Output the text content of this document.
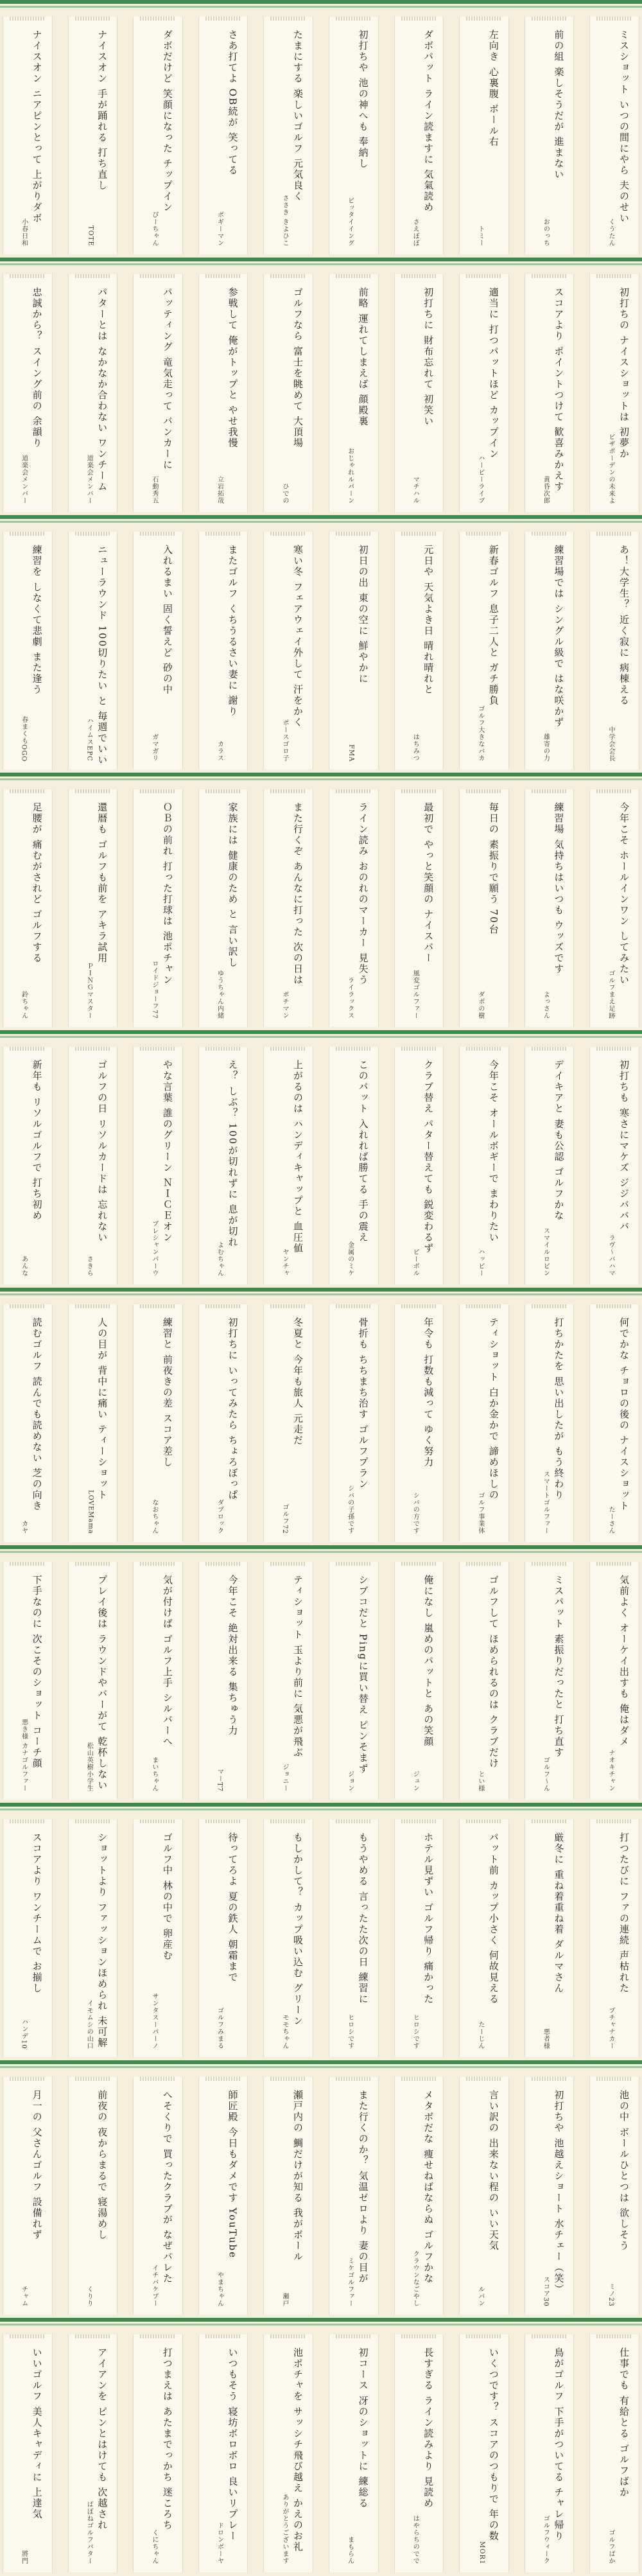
ミスショット いつの間にやら 夫のせい
くうたん
前の組 楽しそうだが 進まない
おのっち
左向き 心裏腹 ボール右
トミー
ダボパット ライン読ますに 気氣読め
さえぼぼ
初打ちや 池の神へも 奉納し
ピッタイイング
たまにする 楽しいゴルフ 元気良く
ささき きよひこ
さあ打てよ OB続が 笑ってる
ボギーマン
ダボだけど 笑顔になった チップイン
ぴーちゃん
ナイスオン 手が踊れる 打ち直し
TOTE
ナイスオン ニアピンとって 上がりダボ
小春日和
初打ちの ナイスショットは 初夢か
ピザボーデンの未来よ
スコアより ポイントつけて 歓喜みかえす
黄昏次郎
適当に 打つパットほど カップイン
ハーピーライブ
初打ちに 財布忘れて 初笑い
マチハル
前略 運れてしまえば 顔殿裏
おじゃれルパーン
ゴルフなら 富士を眺めて 大頂場
ひでの
参戦して 俺がトップと やせ我慢
立岩拓哉
パッティング 竜気走って バンカーに
石動秀五
パターとは なかなか合わない ワンチーム
道楽会メンバー
忠誠から？ スイング前の 余韻り
道楽会メンバー
あ！大学生？ 近く寂に 病棟える
中学会会長
練習場では シングル級で はな咲かず
雄寄の力
新春ゴルフ 息子二人と ガチ勝負
ゴルフ大きなバカ
元日や 天気よき日 晴れ晴れと
はちみつ
初日の出 東の空に 鮮やかに
FMA
寒い冬 フェアウェイ外して 汗をかく
ポースゴロ子
またゴルフ くちうるさい妻に 謝り
カラス
入れるまい 固く誓えど 砂の中
ガマガリ
ニューラウンド 100切りたい と 毎週でいい
ハイムスEPC
練習を しなくて悲劇 また逢う
春まくもOGO
今年こそ ホールインワン してみたい
ゴルフまえ足跡
練習場 気持ちはいつも ウッズです
よっさん
毎日の 素振りで願う 70台
ダボの樹
最初で やっと笑顔の ナイスパー
風変ゴルファー
ライン読み おのれのマーカー 見失う
ライラックス
また行くぞ あんなに打った 次の日は
ポチマン
家族には 健康のため と 言い訳し
ゆうちゃん内緒
ＯＢの前れ 打った打球は 池ポチャン
ロイドジョーフ77
還暦も ゴルフも前を アキラ試用
ＰＩＮＧマスター
足腰が 痛むがされど ゴルフする
鈴ちゃん
初打ちも 寒さにマケズ ジジバババ
ラヴ〜バハマ
デイキアと 妻も公認 ゴルフかな
スマイルロビン
今年こそ オールボギーで まわりたい
ハッピー
クラブ替え パター替えても 鋭変わるず
ピーボル
このパット 入れれば勝てる 手の震え
金属のミケ
上がるのは ハンディキャップと 血圧値
ヤンチャ
え？ しぶ？ 100が切れずに 息が切れ
よむちゃん
やな言葉 誰のグリーン ＮＩＣＥオン
ブレシャンパーウ
ゴルフの日 リソルカードは 忘れない
さきら
新年も リソルゴルフで 打ち初め
あんな
何でかな チョロの後の ナイスショット
たーさん
打ちかたを 思い出したが もう終わり
スマートゴルファー
ティショット 白か金かで 諦めほしの
ゴルフ事業体
年令も 打数も減って ゆく努力
シバの方です
骨折も ちちまち治す ゴルフプラン
シバの子孫です
冬夏と 今年も旅人 元走だ
ゴルフ72
初打ちに いってみたら ちょろぼっぱ
ダブロック
練習と 前夜きの差 スコア差し
なおちゃん
人の目が 背中に痛い ティーショット
LOVEMama
読むゴルフ 読んでも読めない 芝の向き
カヤ
気前よく オーケイ出すも 俺はダメ
ナオキチャン
ミスパット 素振りだったと 打ち直す
ゴルフ〜ん
ゴルフして ほめられるのは クラブだけ
とい様
俺になし 嵐めのパットと あの笑顔
ジュン
シブコだと Pingに買い替え ピンそまず
ジョン
ティショット 玉より前に 気悪が飛ぶ
ジョニー
今年こそ 絶対出来る 集ちゅう力
マーT7
気が付けば ゴルフ上手 シルバーへ
まいちゃん
プレイ後は ラウンドやバーがて 乾杯しない
松山英樹小学生
下手なのに 次こそのショット コーチ顔
悪き様 カナゴルファー
打つたびに ファの連続 声枯れた
ブチャナカー
厳冬に 重ね着重ね着 ダルマさん
悪者様
パット前 カップ小さく 何故見える
たーじん
ホテル見ずい ゴルフ帰り 痛かった
ヒロシです
もうやめる 言ったた次の日 練習に
ヒロシです
もしかして？ カップ吸い込む グリーン
モモちゃん
待ってろよ 夏の鉄人 朝霜まで
ゴルフみまる
ゴルフ中 林の中で 卵産む
サンタスーパーノ
ショットより ファッションほめられ 未可解
イモムシの山口
スコアより ワンチームで お揃し
ハンデ10
池の中 ボールひとつは 欲しそう
ミノ23
初打ちや 池越えショート 水チェー（笑）
スコア30
言い訳の 出来ない程の いい天気
ルパン
メタボだな 痩せねばならぬ ゴルフかな
クラウンなごやし
また行くのか？ 気温ゼロより 妻の目が
ミケゴルファー
瀬戸内の 鯛だけが知る 我がボール
瀬戸
師匠殿 今日もダメです YouTube
やまちゃん
へそくりで 買ったクラブが なぜバレた
イチバケブー
前夜の 夜からまるで 寝湯めし
くりり
月一の 父さんゴルフ 設備れず
チャム
仕事でも 有給とる ゴルフばか
ゴルフばか
鳥がゴルフ 下手がついてる チャレ帰り
ゴルフウィーク
いくつです？ スコアのつもりで 年の数
MOR1
長すぎる ライン読みより 見読め
はやらちのでで
初コース 冴のショットに 練総る
まもらん
池ポチャを サッシチ飛び越え かえのお礼
ありがとうございます
いつもそう 寝坊ボロボロ 良いリプレー
ドロンボーヤ
打つまえは あたまでっかち 迷ころち
くにちゃん
アイアンを ピンとはけても 次越され
ばぼねゴルフバター
いいゴルフ 美人キャディに 上達気
將門
